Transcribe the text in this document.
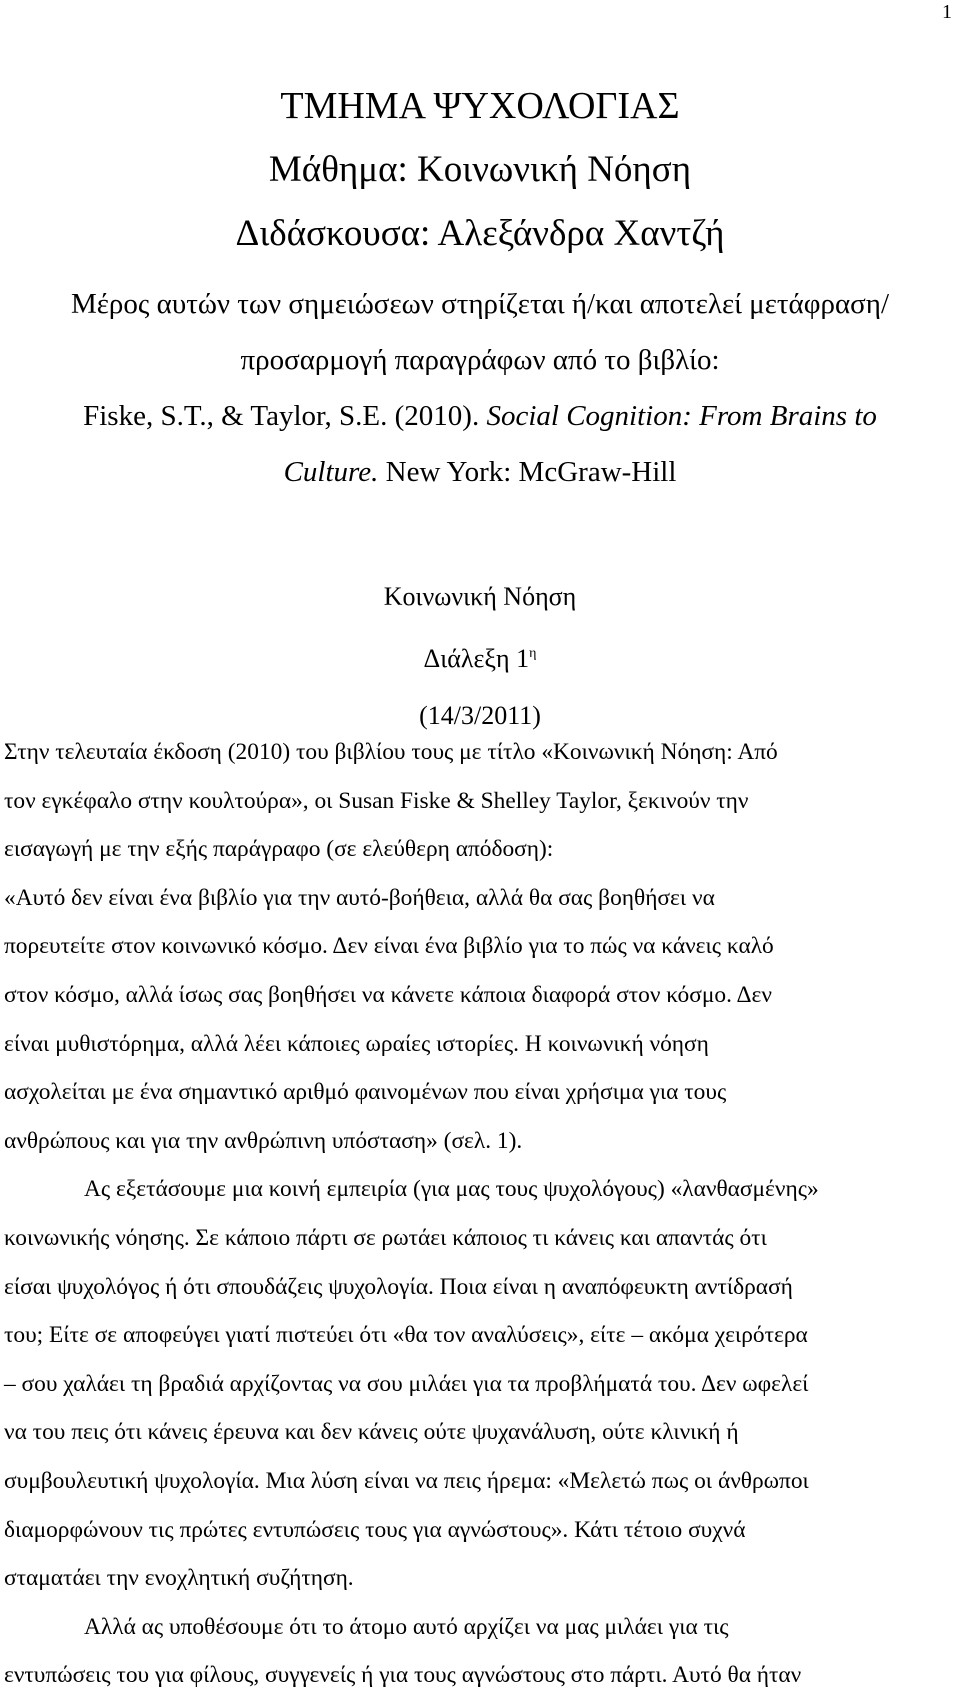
1

ΤΜΗΜΑ ΨΥΧΟΛΟΓΙΑΣ

Μάθημα: Κοινωνική Νόηση

Διδάσκουσα: Αλεξάνδρα Χαντζή

Μέρος αυτών των σημειώσεων στηρίζεται ή/και αποτελεί μετάφραση/
προσαρμογή παραγράφων από το βιβλίο:
Fiske, S.T., & Taylor, S.E. (2010). Social Cognition: From Brains to
Culture. New York: McGraw-Hill
Κοινωνική Νόηση
Διάλεξη $1^\eta$
(14/3/2011)

Στην τελευταία έκδοση (2010) του βιβλίου τους με τίτλο «Κοινωνική Νόηση: Από
τον εγκέφαλο στην κουλτούρα», οι Susan Fiske & Shelley Taylor, ξεκινούν την
εισαγωγή με την εξής παράγραφο (σε ελεύθερη απόδοση):

«Αυτό δεν είναι ένα βιβλίο για την αυτό-βοήθεια, αλλά θα σας βοηθήσει να
πορευτείτε στον κοινωνικό κόσμο. Δεν είναι ένα βιβλίο για το πώς να κάνεις καλό
στον κόσμο, αλλά ίσως σας βοηθήσει να κάνετε κάποια διαφορά στον κόσμο. Δεν
είναι μυθιστόρημα, αλλά λέει κάποιες ωραίες ιστορίες. Η κοινωνική νόηση
ασχολείται με ένα σημαντικό αριθμό φαινομένων που είναι χρήσιμα για τους
ανθρώπους και για την ανθρώπινη υπόσταση» (σελ. 1).

Ας εξετάσουμε μια κοινή εμπειρία (για μας τους ψυχολόγους) «λανθασμένης»
κοινωνικής νόησης. Σε κάποιο πάρτι σε ρωτάει κάποιος τι κάνεις και απαντάς ότι
είσαι ψυχολόγος ή ότι σπουδάζεις ψυχολογία. Ποια είναι η αναπόφευκτη αντίδρασή
του; Είτε σε αποφεύγει γιατί πιστεύει ότι «θα τον αναλύσεις», είτε – ακόμα χειρότερα
– σου χαλάει τη βραδιά αρχίζοντας να σου μιλάει για τα προβλήματά του. Δεν ωφελεί
να του πεις ότι κάνεις έρευνα και δεν κάνεις ούτε ψυχανάλυση, ούτε κλινική ή
συμβουλευτική ψυχολογία. Μια λύση είναι να πεις ήρεμα: «Μελετώ πως οι άνθρωποι
διαμορφώνουν τις πρώτες εντυπώσεις τους για αγνώστους». Κάτι τέτοιο συχνά
σταματάει την ενοχλητική συζήτηση.

Αλλά ας υποθέσουμε ότι το άτομο αυτό αρχίζει να μας μιλάει για τις
εντυπώσεις του για φίλους, συγγενείς ή για τους αγνώστους στο πάρτι. Αυτό θα ήταν
